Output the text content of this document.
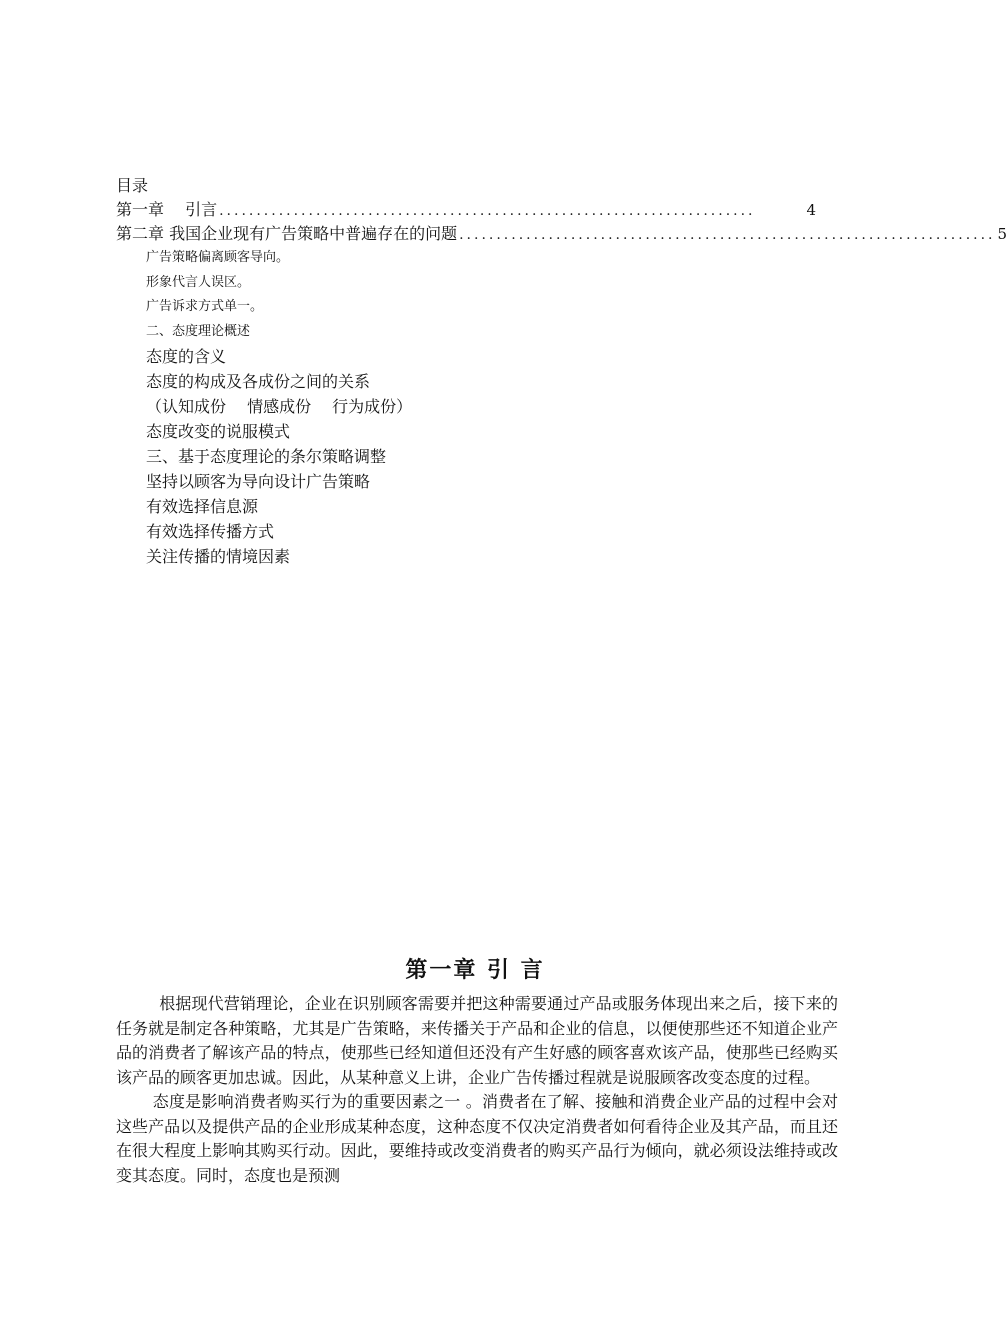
目录
第一章　 引言 ........................................................................	4
第二章 我国企业现有广告策略中普遍存在的问题 ........................................................................ 5
广告策略偏离顾客导向。
形象代言人误区。
广告诉求方式单一。
二、态度理论概述
态度的含义
态度的构成及各成份之间的关系
（认知成份　 情感成份　 行为成份）
态度改变的说服模式
三、基于态度理论的条尔策略调整
坚持以顾客为导向设计广告策略
有效选择信息源
有效选择传播方式
关注传播的情境因素
第一章 引 言

根据现代营销理论，企业在识别顾客需要并把这种需要通过产品或服务体现出来之后，接下来的任务就是制定各种策略，尤其是广告策略，来传播关于产品和企业的信息，以便使那些还不知道企业产品的消费者了解该产品的特点，使那些已经知道但还没有产生好感的顾客喜欢该产品，使那些已经购买该产品的顾客更加忠诚。因此，从某种意义上讲，企业广告传播过程就是说服顾客改变态度的过程。

态度是影响消费者购买行为的重要因素之一 。消费者在了解、接触和消费企业产品的过程中会对这些产品以及提供产品的企业形成某种态度，这种态度不仅决定消费者如何看待企业及其产品，而且还在很大程度上影响其购买行动。因此，要维持或改变消费者的购买产品行为倾向，就必须设法维持或改变其态度。同时，态度也是预测
